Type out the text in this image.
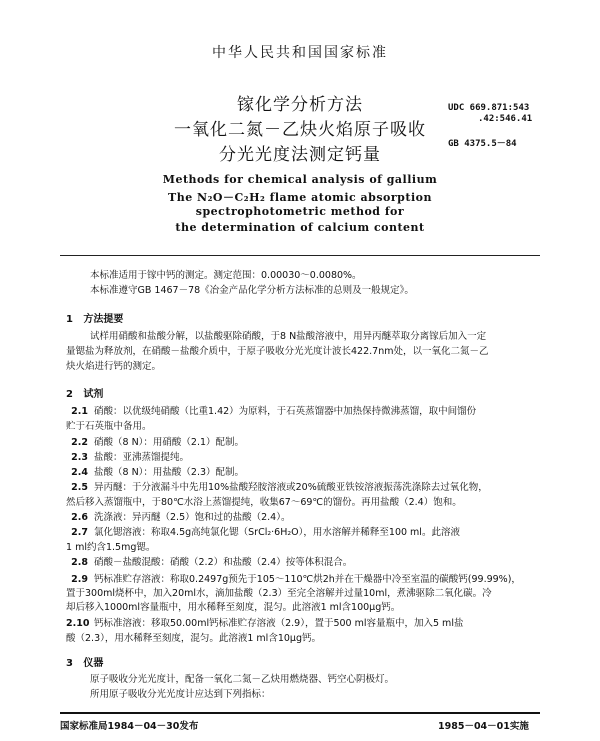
中华人民共和国国家标准
镓化学分析方法
一氧化二氮－乙炔火焰原子吸收
分光光度法测定钙量
UDC 669.871:543
.42:546.41
GB 4375.5－84
Methods for chemical analysis of gallium
The N₂O－C₂H₂ flame atomic absorption
spectrophotometric method for
the determination of calcium content
本标准适用于镓中钙的测定。测定范围：0.00030～0.0080%。
本标准遵守GB 1467－78《冶金产品化学分析方法标准的总则及一般规定》。
1 方法提要
试样用硝酸和盐酸分解，以盐酸驱除硝酸，于8 N盐酸溶液中，用异丙醚萃取分离镓后加入一定
量锶盐为释放剂，在硝酸－盐酸介质中，于原子吸收分光光度计波长422.7nm处，以一氧化二氮－乙
炔火焰进行钙的测定。
2 试剂
2.1 硝酸：以优级纯硝酸（比重1.42）为原料，于石英蒸馏器中加热保持微沸蒸馏，取中间馏份
贮于石英瓶中备用。
2.2 硝酸（8 N）：用硝酸（2.1）配制。
2.3 盐酸：亚沸蒸馏提纯。
2.4 盐酸（8 N）：用盐酸（2.3）配制。
2.5 异丙醚：于分液漏斗中先用10%盐酸羟胺溶液或20%硫酸亚铁铵溶液振荡洗涤除去过氧化物，
然后移入蒸馏瓶中，于80℃水浴上蒸馏提纯，收集67～69℃的馏份。再用盐酸（2.4）饱和。
2.6 洗涤液：异丙醚（2.5）饱和过的盐酸（2.4）。
2.7 氯化锶溶液：称取4.5g高纯氯化锶（SrCl₂·6H₂O），用水溶解并稀释至100 ml。此溶液
1 ml约含1.5mg锶。
2.8 硝酸－盐酸混酸：硝酸（2.2）和盐酸（2.4）按等体积混合。
2.9 钙标准贮存溶液：称取0.2497g预先于105～110℃烘2h并在干燥器中冷至室温的碳酸钙(99.99%)，
置于300ml烧杯中，加入20ml水，滴加盐酸（2.3）至完全溶解并过量10ml，煮沸驱除二氧化碳。冷
却后移入1000ml容量瓶中，用水稀释至刻度，混匀。此溶液1 ml含100μg钙。
2.10 钙标准溶液：移取50.00ml钙标准贮存溶液（2.9），置于500 ml容量瓶中，加入5 ml盐
酸（2.3），用水稀释至刻度，混匀。此溶液1 ml含10μg钙。
3 仪器
原子吸收分光光度计，配备一氧化二氮－乙炔用燃烧器、钙空心阴极灯。
所用原子吸收分光光度计应达到下列指标：
国家标准局1984－04－30发布	1985－04－01实施
